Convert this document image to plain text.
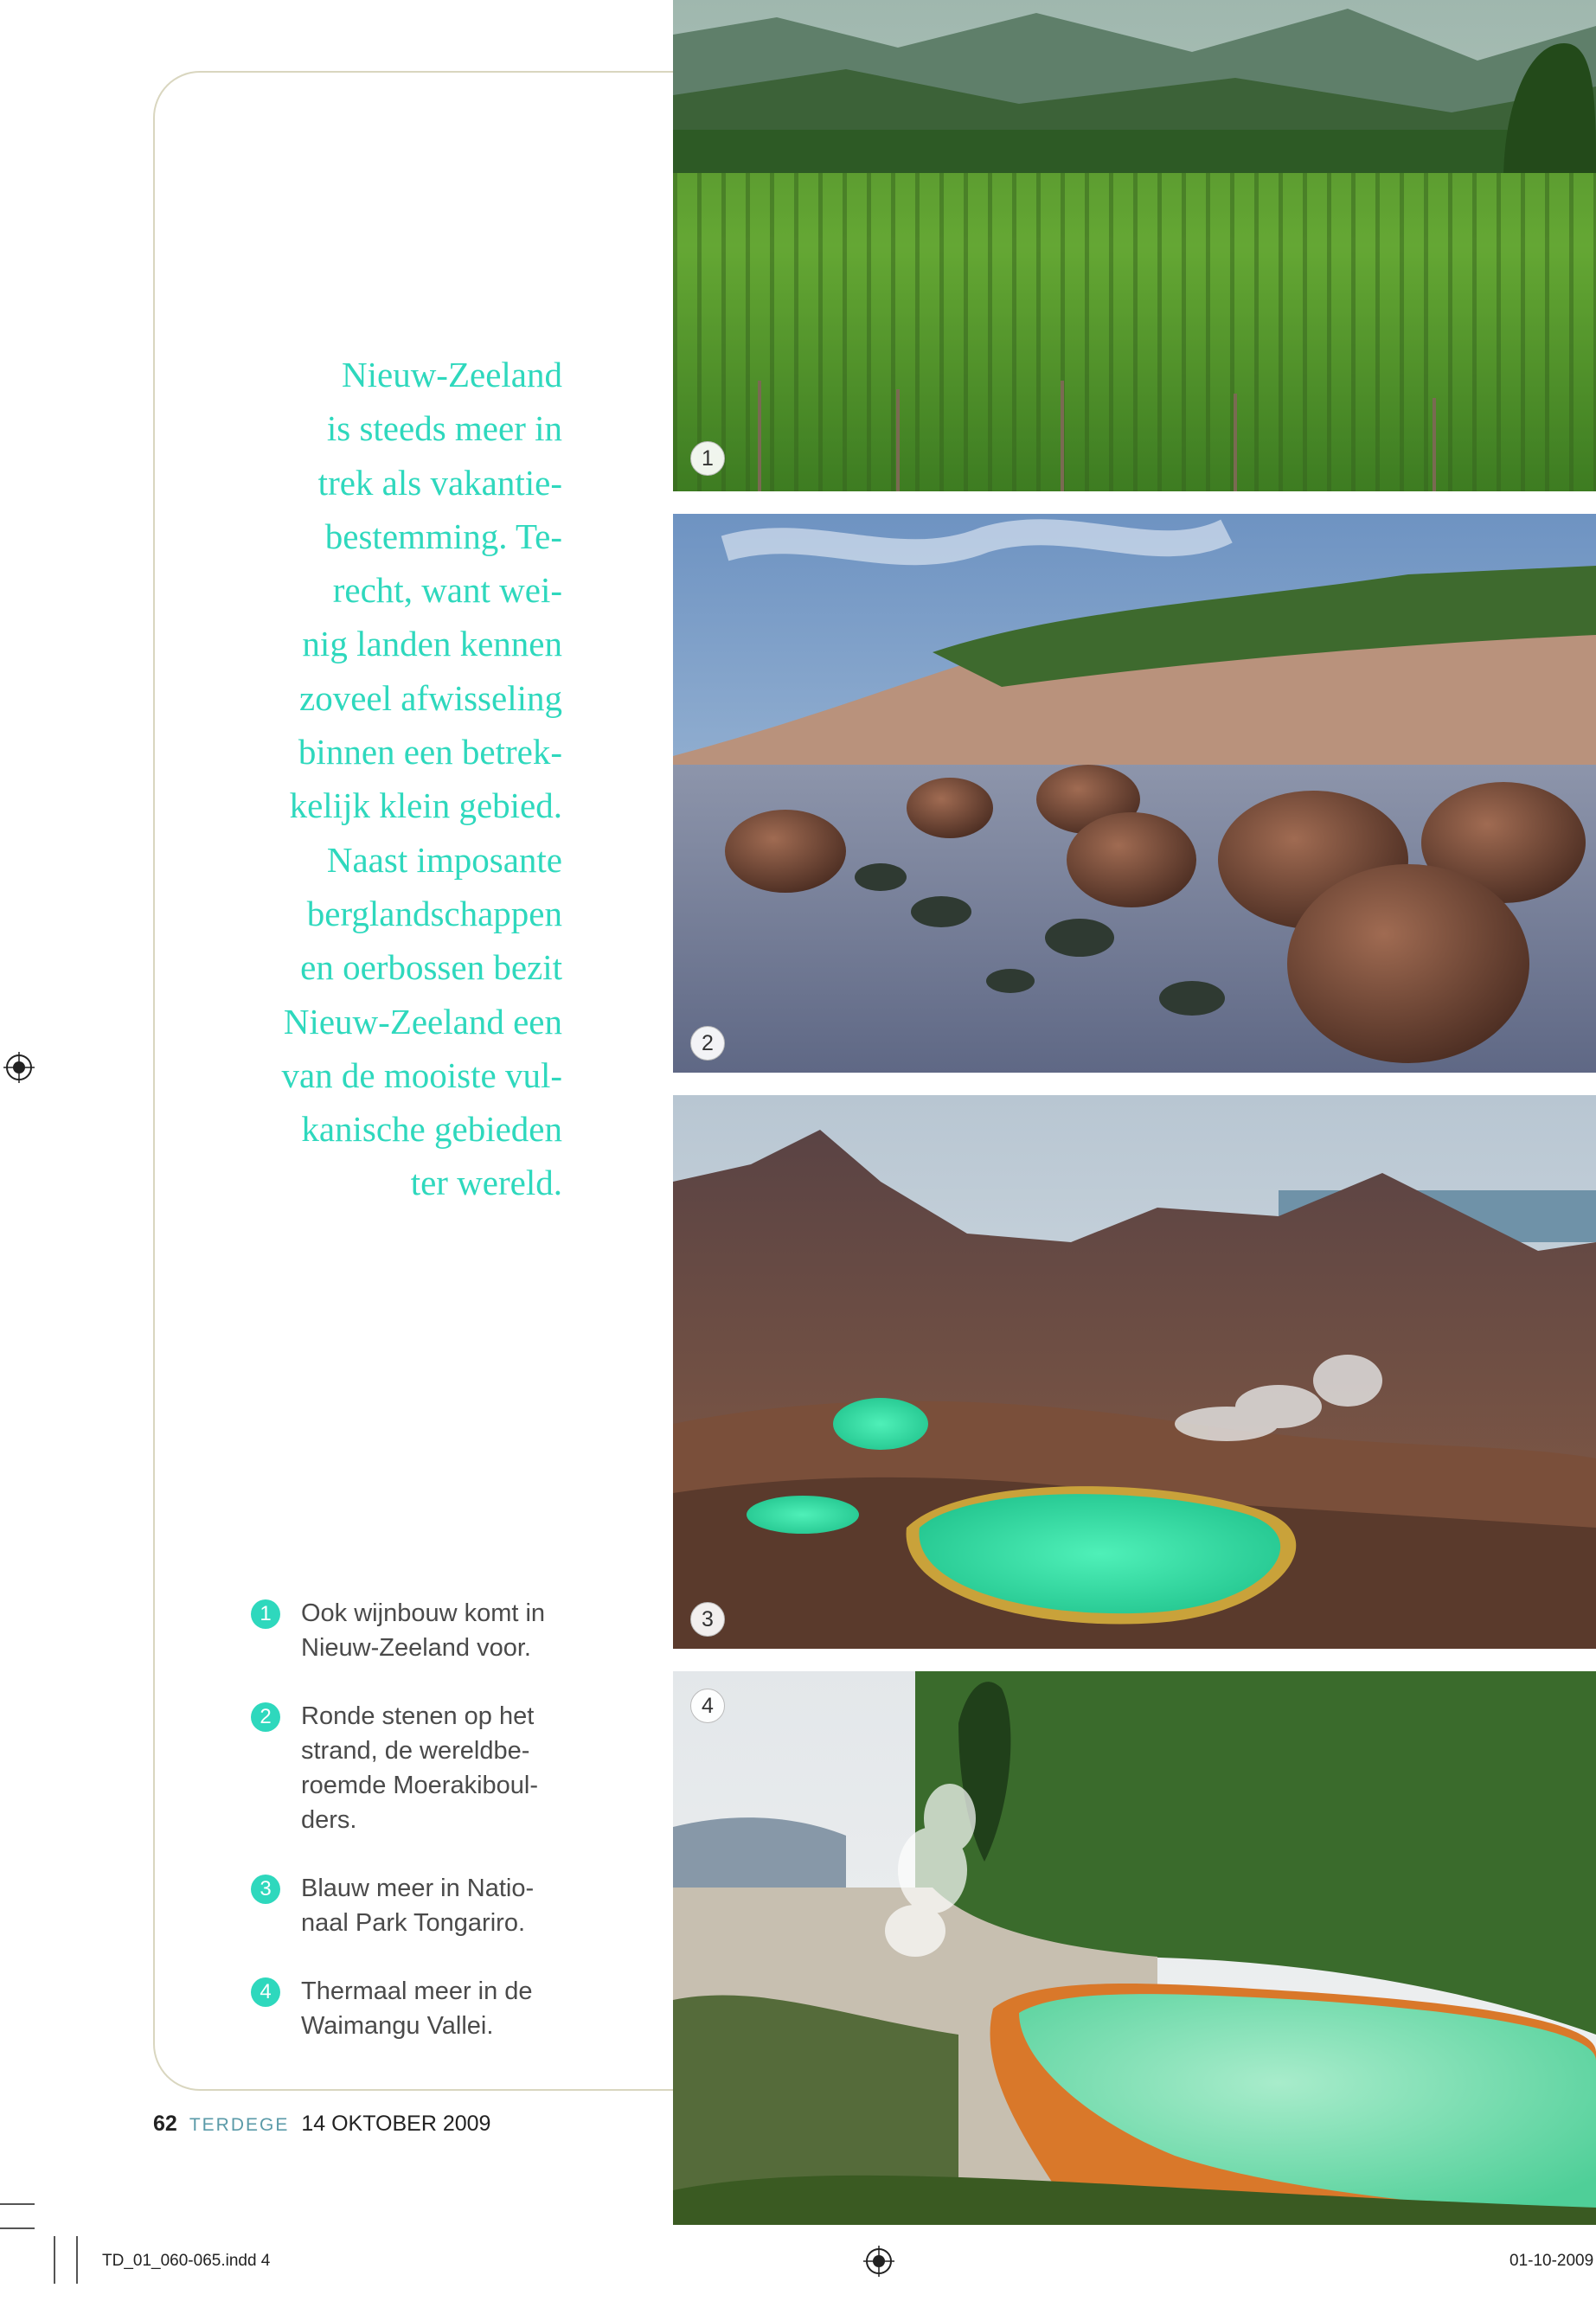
Nieuw-Zeeland
is steeds meer in
trek als vakantie-
bestemming. Te-
recht, want wei-
nig landen kennen
zoveel afwisseling
binnen een betrek-
kelijk klein gebied.
Naast imposante
berglandschappen
en oerbossen bezit
Nieuw-Zeeland een
van de mooiste vul-
kanische gebieden
ter wereld.

1	Ook wijnbouw komt in
Nieuw-Zeeland voor.
2	Ronde stenen op het
strand, de wereldbe-
roemde Moerakiboul-
ders.
3	Blauw meer in Natio-
naal Park Tongariro.
4	Thermaal meer in de
Waimangu Vallei.
1
2
3
4
62 TERDEGE 14 OKTOBER 2009
TD_01_060-065.indd 4	01-10-2009
